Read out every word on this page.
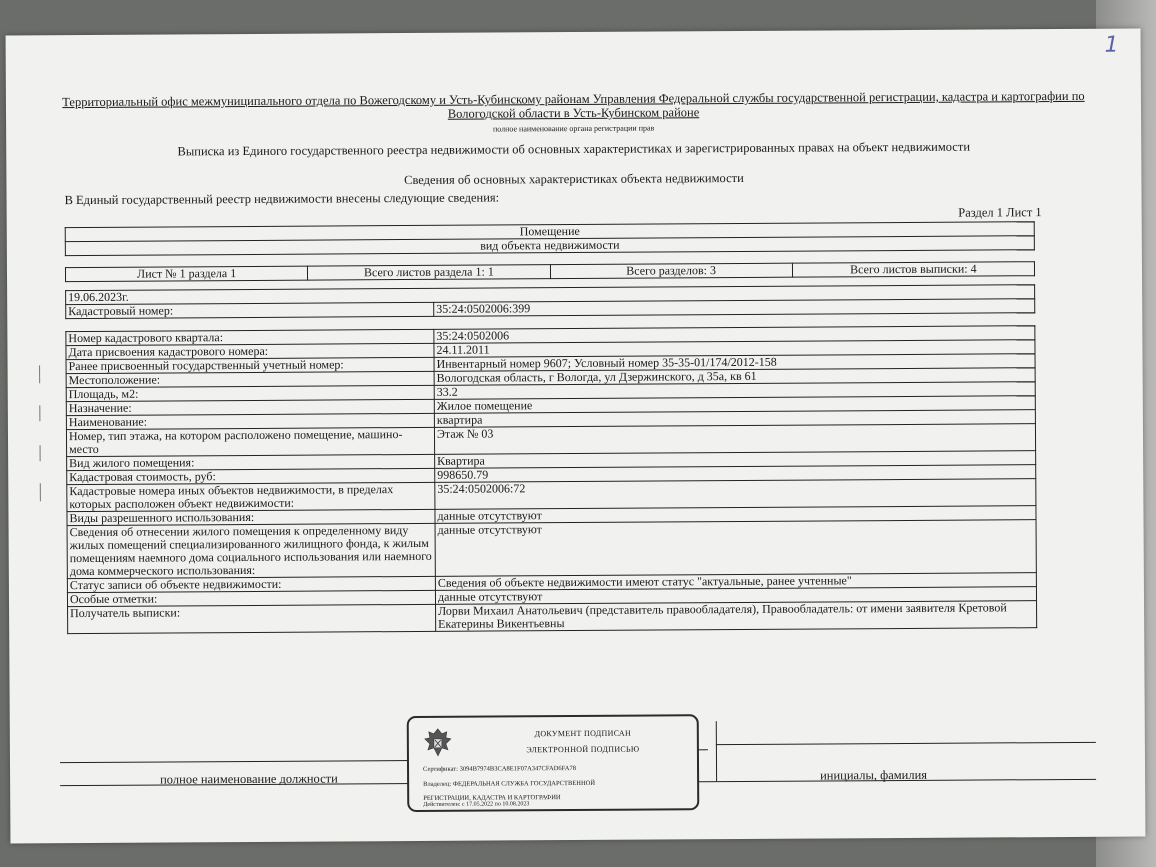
1
Территориальный офис межмуниципального отдела по Вожегодскому и Усть-Кубинскому районам Управления Федеральной службы государственной регистрации, кадастра и картографии по Вологодской области в Усть-Кубинском районе
полное наименование органа регистрации прав
Выписка из Единого государственного реестра недвижимости об основных характеристиках и зарегистрированных правах на объект недвижимости
Сведения об основных характеристиках объекта недвижимости
В Единый государственный реестр недвижимости внесены следующие сведения:
Раздел 1 Лист 1
Помещение
вид объекта недвижимости
Лист № 1 раздела 1	Всего листов раздела 1: 1	Всего разделов: 3	Всего листов выписки: 4
19.06.2023г.
Кадастровый номер:	35:24:0502006:399
Номер кадастрового квартала:	35:24:0502006
Дата присвоения кадастрового номера:	24.11.2011
Ранее присвоенный государственный учетный номер:	Инвентарный номер 9607; Условный номер 35-35-01/174/2012-158
Местоположение:	Вологодская область, г Вологда, ул Дзержинского, д 35а, кв 61
Площадь, м2:	33.2
Назначение:	Жилое помещение
Наименование:	квартира
Номер, тип этажа, на котором расположено помещение, машино-место	Этаж № 03
Вид жилого помещения:	Квартира
Кадастровая стоимость, руб:	998650.79
Кадастровые номера иных объектов недвижимости, в пределах которых расположен объект недвижимости:	35:24:0502006:72
Виды разрешенного использования:	данные отсутствуют
Сведения об отнесении жилого помещения к определенному виду жилых помещений специализированного жилищного фонда, к жилым помещениям наемного дома социального использования или наемного дома коммерческого использования:	данные отсутствуют
Статус записи об объекте недвижимости:	Сведения об объекте недвижимости имеют статус "актуальные, ранее учтенные"
Особые отметки:	данные отсутствуют
Получатель выписки:	Лорви Михаил Анатольевич (представитель правообладателя), Правообладатель: от имени заявителя Кретовой Екатерины Викентьевны
полное наименование должности	инициалы, фамилия
ДОКУМЕНТ ПОДПИСАН
ЭЛЕКТРОННОЙ ПОДПИСЬЮ
Сертификат: 3094B7974B3CA8E1F07A347CFAD6FA78
Владелец: ФЕДЕРАЛЬНАЯ СЛУЖБА ГОСУДАРСТВЕННОЙ РЕГИСТРАЦИИ, КАДАСТРА И КАРТОГРАФИИ
Действителен: с 17.05.2022 по 10.08.2023
